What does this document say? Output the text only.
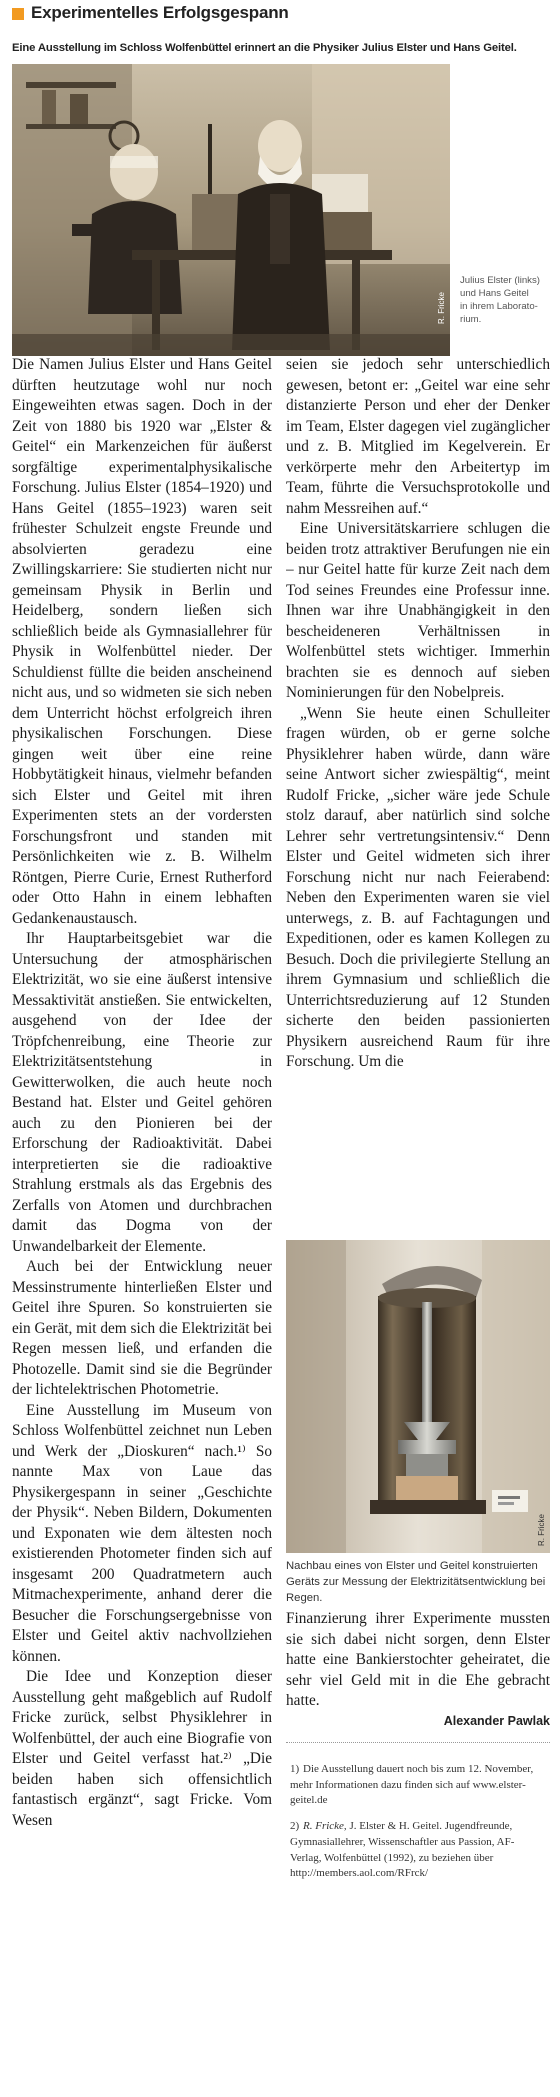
Experimentelles Erfolgsgespann
Eine Ausstellung im Schloss Wolfenbüttel erinnert an die Physiker Julius Elster und Hans Geitel.
R. Fricke
Julius Elster (links)
und Hans Geitel
in ihrem Laborato-
rium.

Die Namen Julius Elster und Hans Geitel dürften heutzutage wohl nur noch Eingeweihten etwas sagen. Doch in der Zeit von 1880 bis 1920 war „Elster & Geitel“ ein Markenzeichen für äußerst sorgfältige experimentalphysikalische Forschung. Julius Elster (1854–1920) und Hans Geitel (1855–1923) waren seit frühester Schulzeit engste Freunde und absolvierten geradezu eine Zwillingskarriere: Sie studierten nicht nur gemeinsam Physik in Berlin und Heidelberg, sondern ließen sich schließlich beide als Gymnasiallehrer für Physik in Wolfenbüttel nieder. Der Schuldienst füllte die beiden anscheinend nicht aus, und so widmeten sie sich neben dem Unterricht höchst erfolgreich ihren physikalischen Forschungen. Diese gingen weit über eine reine Hobbytätigkeit hinaus, vielmehr befanden sich Elster und Geitel mit ihren Experimenten stets an der vordersten Forschungsfront und standen mit Persönlichkeiten wie z. B. Wilhelm Röntgen, Pierre Curie, Ernest Rutherford oder Otto Hahn in einem lebhaften Gedankenaustausch.

Ihr Hauptarbeitsgebiet war die Untersuchung der atmosphärischen Elektrizität, wo sie eine äußerst intensive Messaktivität anstießen. Sie entwickelten, ausgehend von der Idee der Tröpfchenreibung, eine Theorie zur Elektrizitätsentstehung in Gewitterwolken, die auch heute noch Bestand hat. Elster und Geitel gehören auch zu den Pionieren bei der Erforschung der Radioaktivität. Dabei interpretierten sie die radioaktive Strahlung erstmals als das Ergebnis des Zerfalls von Atomen und durchbrachen damit das Dogma von der Unwandelbarkeit der Elemente.

Auch bei der Entwicklung neuer Messinstrumente hinterließen Elster und Geitel ihre Spuren. So konstruierten sie ein Gerät, mit dem sich die Elektrizität bei Regen messen ließ, und erfanden die Photozelle. Damit sind sie die Begründer der lichtelektrischen Photometrie.

Eine Ausstellung im Museum von Schloss Wolfenbüttel zeichnet nun Leben und Werk der „Dioskuren“ nach.¹⁾ So nannte Max von Laue das Physikergespann in seiner „Geschichte der Physik“. Neben Bildern, Dokumenten und Exponaten wie dem ältesten noch existierenden Photometer finden sich auf insgesamt 200 Quadratmetern auch Mitmachexperimente, anhand derer die Besucher die Forschungsergebnisse von Elster und Geitel aktiv nachvollziehen können.

Die Idee und Konzeption dieser Ausstellung geht maßgeblich auf Rudolf Fricke zurück, selbst Physiklehrer in Wolfenbüttel, der auch eine Biografie von Elster und Geitel verfasst hat.²⁾ „Die beiden haben sich offensichtlich fantastisch ergänzt“, sagt Fricke. Vom Wesen

seien sie jedoch sehr unterschiedlich gewesen, betont er: „Geitel war eine sehr distanzierte Person und eher der Denker im Team, Elster dagegen viel zugänglicher und z. B. Mitglied im Kegelverein. Er verkörperte mehr den Arbeitertyp im Team, führte die Versuchsprotokolle und nahm Messreihen auf.“

Eine Universitätskarriere schlugen die beiden trotz attraktiver Berufungen nie ein – nur Geitel hatte für kurze Zeit nach dem Tod seines Freundes eine Professur inne. Ihnen war ihre Unabhängigkeit in den bescheideneren Verhältnissen in Wolfenbüttel stets wichtiger. Immerhin brachten sie es dennoch auf sieben Nominierungen für den Nobelpreis.

„Wenn Sie heute einen Schulleiter fragen würden, ob er gerne solche Physiklehrer haben würde, dann wäre seine Antwort sicher zwiespältig“, meint Rudolf Fricke, „sicher wäre jede Schule stolz darauf, aber natürlich sind solche Lehrer sehr vertretungsintensiv.“ Denn Elster und Geitel widmeten sich ihrer Forschung nicht nur nach Feierabend: Neben den Experimenten waren sie viel unterwegs, z. B. auf Fachtagungen und Expeditionen, oder es kamen Kollegen zu Besuch. Doch die privilegierte Stellung an ihrem Gymnasium und schließlich die Unterrichtsreduzierung auf 12 Stunden sicherte den beiden passionierten Physikern ausreichend Raum für ihre Forschung. Um die

R. Fricke
Nachbau eines von Elster und Geitel konstruierten Geräts zur Messung der Elektrizitätsentwicklung bei Regen.

Finanzierung ihrer Experimente mussten sie sich dabei nicht sorgen, denn Elster hatte eine Bankierstochter geheiratet, die sehr viel Geld mit in die Ehe gebracht hatte.

Alexander Pawlak
1) Die Ausstellung dauert noch bis zum 12. November, mehr Informationen dazu finden sich auf www.elster-geitel.de
2) R. Fricke, J. Elster & H. Geitel. Jugendfreunde, Gymnasiallehrer, Wissenschaftler aus Passion, AF-Verlag, Wolfenbüttel (1992), zu beziehen über http://members.aol.com/RFrck/
